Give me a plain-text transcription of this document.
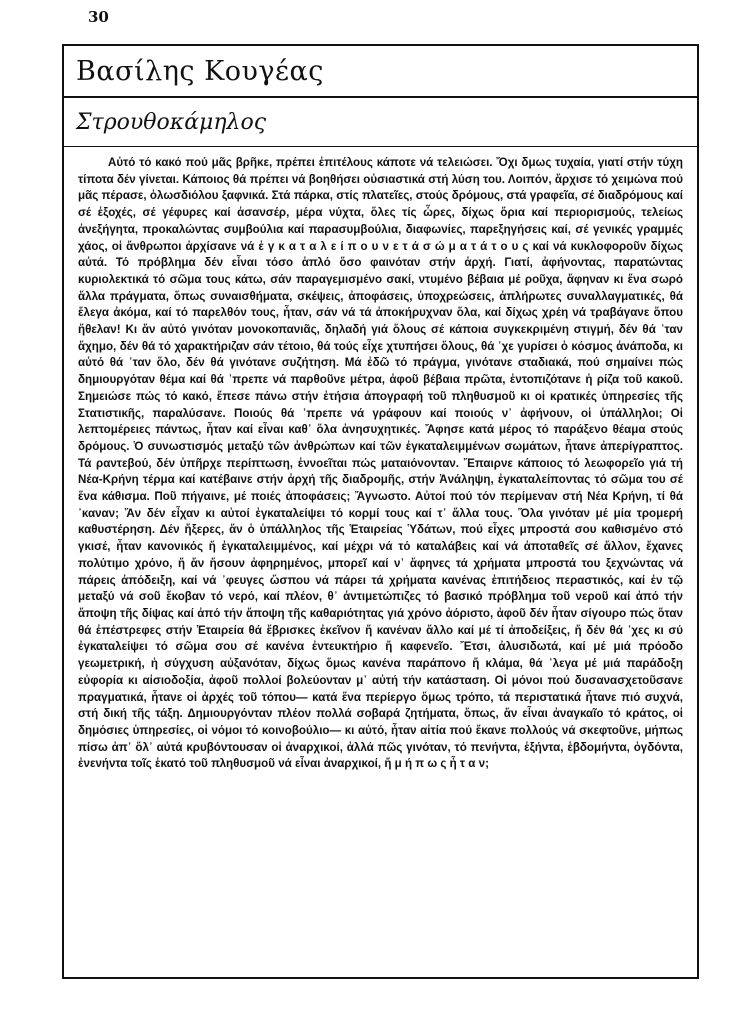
30
Βασίλης Κουγέας
Στρουθοκάμηλος
Αὐτό τό κακό πού μᾶς βρῆκε, πρέπει ἐπιτέλους κάποτε νά τελειώσει. Ὄχι δμως τυχαία, γιατί στήν τύχη τίποτα δέν γίνεται. Κάποιος θά πρέπει νά βοηθήσει οὐσιαστικά στή λύση του. Λοιπόν, ἄρχισε τό χειμώνα πού μᾶς πέρασε, ὁλωσδιόλου ξαφνικά. Στά πάρκα, στίς πλατεῖες, στούς δρόμους, στά γραφεῖα, σέ διαδρόμους καί σέ ἐξοχές, σέ γέφυρες καί ἀσανσέρ, μέρα νύχτα, ὅλες τίς ὧρες, δίχως ὅρια καί περιορισμούς, τελείως ἀνεξήγητα, προκαλώντας συμβούλια καί παρασυμβούλια, διαφωνίες, παρεξηγήσεις καί, σέ γενικές γραμμές χάος, οἱ ἄνθρωποι ἀρχίσανε νά ἐ γ κ α τ α λ ε ί π ο υ ν ε τ ά σ ώ μ α τ ά τ ο υ ς καί νά κυκλοφοροῦν δίχως αὐτά. Τό πρόβλημα δέν εἶναι τόσο ἁπλό ὅσο φαινόταν στήν ἀρχή. Γιατί, ἀφήνοντας, παρατώντας κυριολεκτικά τό σῶμα τους κάτω, σάν παραγεμισμένο σακί, ντυμένο βέβαια μέ ροῦχα, ἄφηναν κι ἕνα σωρό ἄλλα πράγματα, ὅπως συναισθήματα, σκέψεις, ἀποφάσεις, ὑποχρεώσεις, ἀπλήρωτες συναλλαγματικές, θά ἔλεγα ἀκόμα, καί τό παρελθόν τους, ἦταν, σάν νά τά ἀποκήρυχναν ὅλα, καί δίχως χρέη νά τραβάγανε ὅπου ἤθελαν! Κι ἄν αὐτό γινόταν μονοκοπανιᾶς, δηλαδή γιά ὅλους σέ κάποια συγκεκριμένη στιγμή, δέν θά ᾽ταν ἄχημο, δέν θά τό χαρακτήριζαν σάν τέτοιο, θά τούς εἶχε χτυπήσει ὅλους, θά ᾽χε γυρίσει ὁ κόσμος ἀνάποδα, κι αὐτό θά ᾽ταν ὅλο, δέν θά γινότανε συζήτηση. Μά ἐδῶ τό πράγμα, γινότανε σταδιακά, πού σημαίνει πώς δημιουργόταν θέμα καί θά ᾽πρεπε νά παρθοῦνε μέτρα, ἀφοῦ βέβαια πρῶτα, ἐντοπιζότανε ἡ ρίζα τοῦ κακοῦ. Σημειώσε πώς τό κακό, ἔπεσε πάνω στήν ἐτήσια ἀπογραφή τοῦ πληθυσμοῦ κι οἱ κρατικές ὑπηρεσίες τῆς Στατιστικῆς, παραλύσανε. Ποιούς θά ᾽πρεπε νά γράφουν καί ποιούς ν᾽ ἀφήνουν, οἱ ὑπάλληλοι; Οἱ λεπτομέρειες πάντως, ἦταν καί εἶναι καθ᾽ ὅλα ἀνησυχητικές. Ἄφησε κατά μέρος τό παράξενο θέαμα στούς δρόμους. Ὁ συνωστισμός μεταξύ τῶν ἀνθρώπων καί τῶν ἐγκαταλειμμένων σωμάτων, ἦτανε ἀπερίγραπτος. Τά ραντεβού, δέν ὑπῆρχε περίπτωση, ἐννοεῖται πώς ματαιόνονταν. Ἔπαιρνε κάποιος τό λεωφορεῖο γιά τή Νέα-Κρήνη τέρμα καί κατέβαινε στήν ἀρχή τῆς διαδρομῆς, στήν Ἀνάληψη, ἐγκαταλείποντας τό σῶμα του σέ ἕνα κάθισμα. Ποῦ πήγαινε, μέ ποιές ἀποφάσεις; Ἄγνωστο. Αὐτοί πού τόν περίμεναν στή Νέα Κρήνη, τί θά ᾽καναν; Ἄν δέν εἶχαν κι αὐτοί ἐγκαταλείψει τό κορμί τους καί τ᾽ ἄλλα τους. Ὅλα γινόταν μέ μία τρομερή καθυστέρηση. Δέν ἤξερες, ἄν ὁ ὑπάλληλος τῆς Ἑταιρείας Ὑδάτων, πού εἶχες μπροστά σου καθισμένο στό γκισέ, ἦταν κανονικός ἤ ἐγκαταλειμμένος, καί μέχρι νά τό καταλάβεις καί νά ἀποταθεῖς σέ ἄλλον, ἔχανες πολύτιμο χρόνο, ἤ ἄν ἤσουν ἀφηρημένος, μπορεῖ καί ν᾽ ἄφηνες τά χρήματα μπροστά του ξεχνώντας νά πάρεις ἀπόδειξη, καί νά ᾽φευγες ὥσπου νά πάρει τά χρήματα κανένας ἐπιτήδειος περαστικός, καί ἐν τῷ μεταξύ νά σοῦ ἔκοβαν τό νερό, καί πλέον, θ᾽ ἀντιμετώπιζες τό βασικό πρόβλημα τοῦ νεροῦ καί ἀπό τήν ἄποψη τῆς δίψας καί ἀπό τήν ἄποψη τῆς καθαριότητας γιά χρόνο ἀόριστο, ἀφοῦ δέν ἦταν σίγουρο πώς ὅταν θά ἐπέστρεφες στήν Ἑταιρεία θά ἔβρισκες ἐκεῖνον ἤ κανέναν ἄλλο καί μέ τί ἀποδείξεις, ἤ δέν θά ᾽χες κι σύ ἐγκαταλείψει τό σῶμα σου σέ κανένα ἐντευκτήριο ἤ καφενεῖο. Ἔτσι, ἀλυσιδωτά, καί μέ μιά πρόοδο γεωμετρική, ἡ σύγχυση αὐξανόταν, δίχως ὅμως κανένα παράπονο ἤ κλάμα, θά ᾽λεγα μέ μιά παράδοξη εὐφορία κι αἰσιοδοξία, ἀφοῦ πολλοί βολεύονταν μ᾽ αὐτή τήν κατάσταση. Οἱ μόνοι πού δυσανασχετοῦσανε πραγματικά, ἦτανε οἱ ἀρχές τοῦ τόπου— κατά ἕνα περίεργο ὅμως τρόπο, τά περιστατικά ἦτανε πιό συχνά, στή δική τῆς τάξη. Δημιουργόνταν πλέον πολλά σοβαρά ζητήματα, ὅπως, ἄν εἶναι ἀναγκαῖο τό κράτος, οἱ δημόσιες ὑπηρεσίες, οἱ νόμοι τό κοινοβούλιο— κι αὐτό, ἦταν αἰτία πού ἔκανε πολλούς νά σκεφτοῦνε, μήπως πίσω ἀπ᾽ ὅλ᾽ αὐτά κρυβόντουσαν οἱ ἀναρχικοί, ἀλλά πῶς γινόταν, τό πενήντα, ἑξήντα, ἑβδομήντα, ὀγδόντα, ἐνενήντα τοῖς ἑκατό τοῦ πληθυσμοῦ νά εἶναι ἀναρχικοί, ἤ μ ή π ω ς ἦ τ α ν;
